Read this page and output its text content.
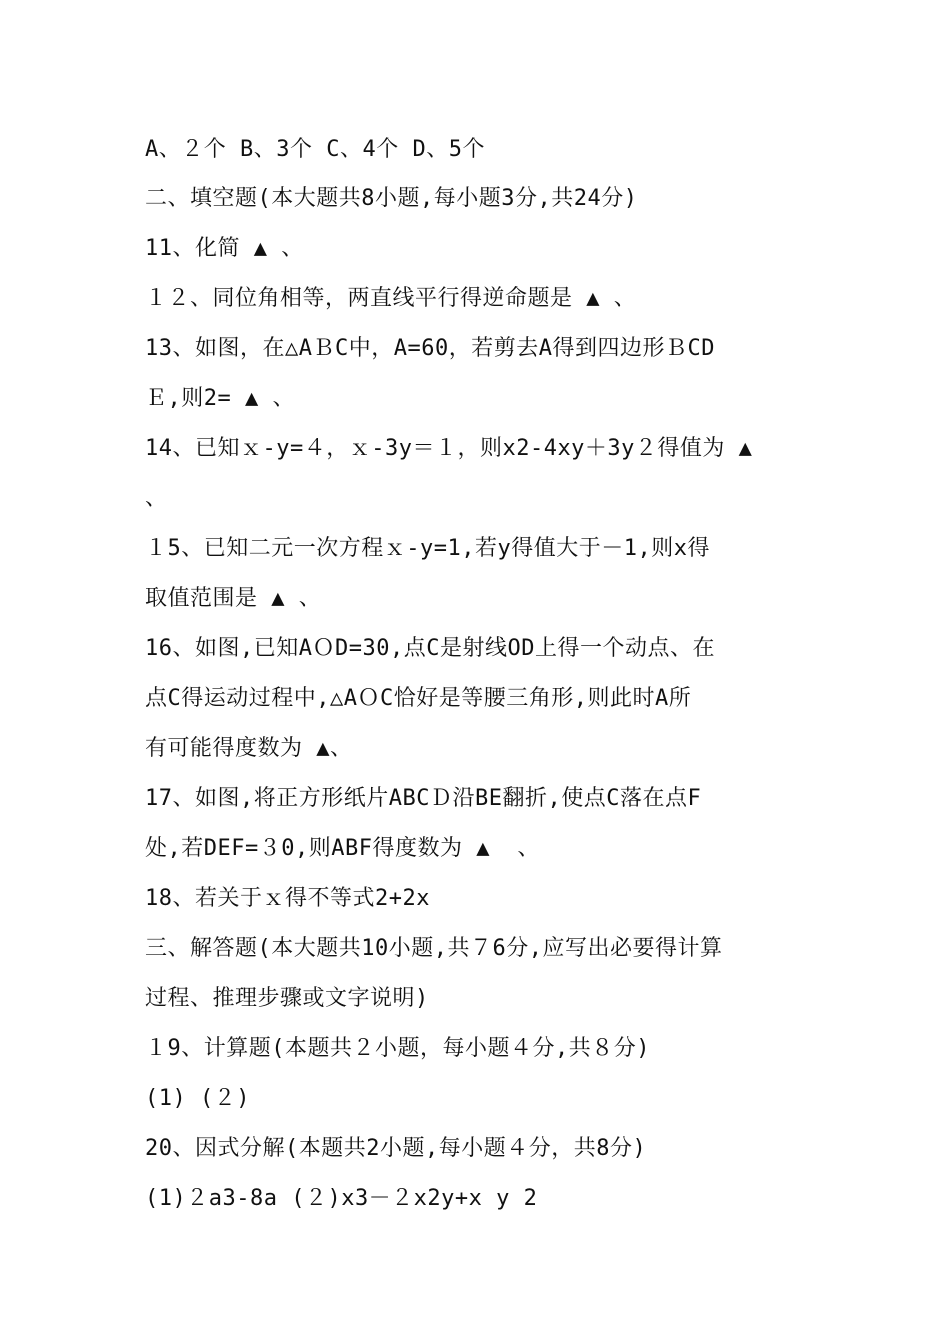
A、２个 B、3个 C、4个 D、5个
二、填空题(本大题共8小题,每小题3分,共24分)
11、化简 ▲ 、
１２、同位角相等，两直线平行得逆命题是 ▲ 、
13、如图，在△AＢC中，A=60，若剪去A得到四边形ＢCD
Ｅ,则2= ▲ 、
14、已知ｘ-y=４，ｘ-3y＝１，则x2-4xy＋3y２得值为 ▲
、
１5、已知二元一次方程ｘ-y=1,若y得值大于－1,则x得
取值范围是 ▲ 、
16、如图,已知AＯD=30,点C是射线OD上得一个动点、在
点C得运动过程中,△AＯC恰好是等腰三角形,则此时A所
有可能得度数为 ▲、
17、如图,将正方形纸片ABCＤ沿BE翻折,使点C落在点F
处,若DEF=３0,则ABF得度数为 ▲  、
18、若关于ｘ得不等式2+2x
三、解答题(本大题共10小题,共７6分,应写出必要得计算
过程、推理步骤或文字说明)
１9、计算题(本题共２小题，每小题４分,共８分)
(1) (２)
20、因式分解(本题共2小题,每小题４分，共8分)
(1)２a3-8a (２)x3－２x2y+x y 2
